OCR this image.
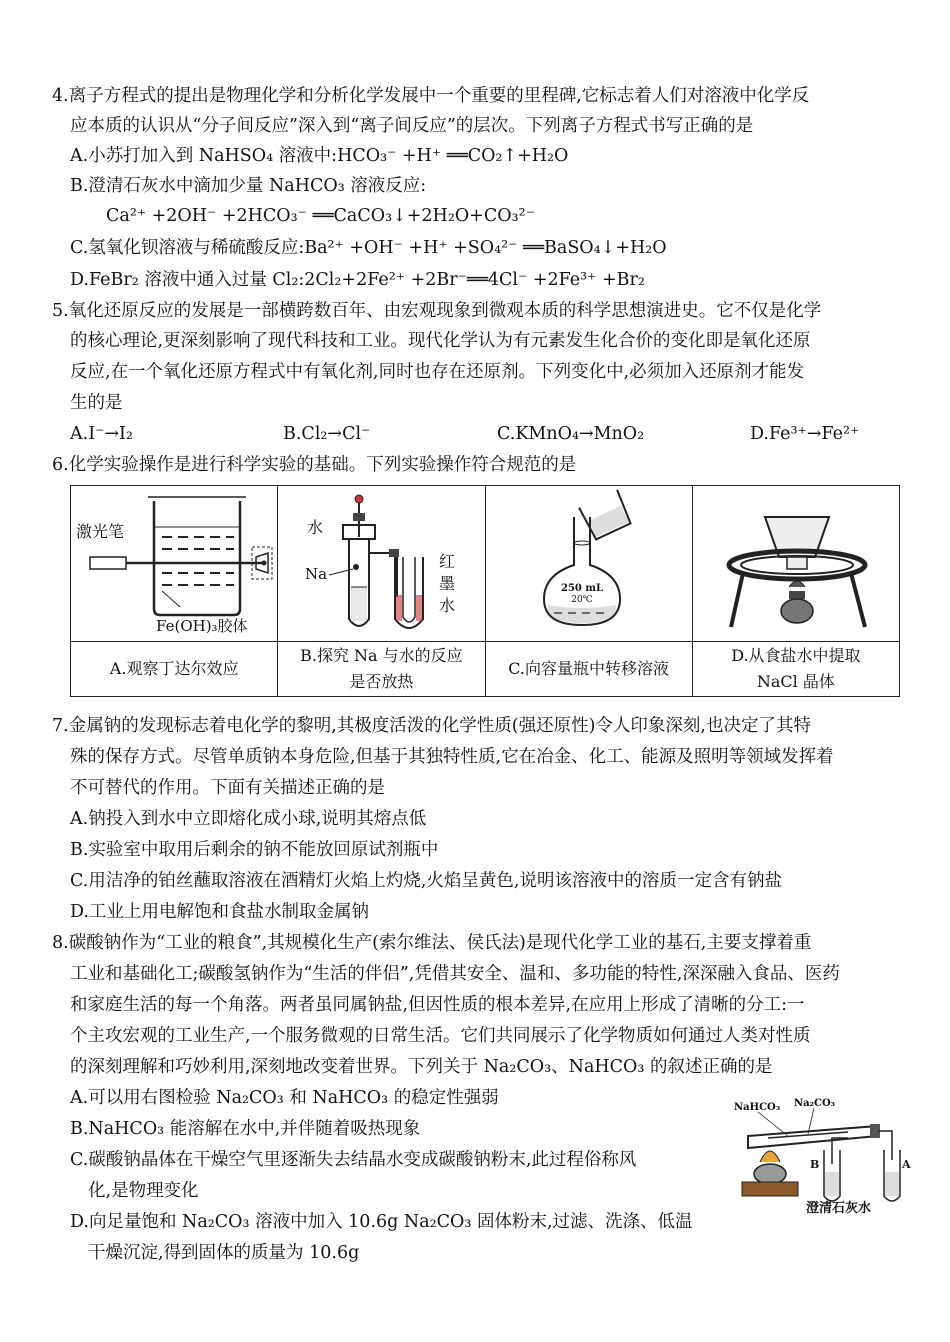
4.离子方程式的提出是物理化学和分析化学发展中一个重要的里程碑,它标志着人们对溶液中化学反
应本质的认识从“分子间反应”深入到“离子间反应”的层次。下列离子方程式书写正确的是
A.小苏打加入到 NaHSO₄ 溶液中:HCO₃⁻ +H⁺ ══CO₂↑+H₂O
B.澄清石灰水中滴加少量 NaHCO₃ 溶液反应:
Ca²⁺ +2OH⁻ +2HCO₃⁻ ══CaCO₃↓+2H₂O+CO₃²⁻
C.氢氧化钡溶液与稀硫酸反应:Ba²⁺ +OH⁻ +H⁺ +SO₄²⁻ ══BaSO₄↓+H₂O
D.FeBr₂ 溶液中通入过量 Cl₂:2Cl₂+2Fe²⁺ +2Br⁻══4Cl⁻ +2Fe³⁺ +Br₂
5.氧化还原反应的发展是一部横跨数百年、由宏观现象到微观本质的科学思想演进史。它不仅是化学
的核心理论,更深刻影响了现代科技和工业。现代化学认为有元素发生化合价的变化即是氧化还原
反应,在一个氧化还原方程式中有氧化剂,同时也存在还原剂。下列变化中,必须加入还原剂才能发
生的是
A.I⁻→I₂	B.Cl₂→Cl⁻	C.KMnO₄→MnO₂	D.Fe³⁺→Fe²⁺
6.化学实验操作是进行科学实验的基础。下列实验操作符合规范的是
激光笔
Fe(OH)₃胶体	水
Na
红
墨
水	250 mL
20℃

A.观察丁达尔效应	B.探究 Na 与水的反应
是否放热	C.向容量瓶中转移溶液	D.从食盐水中提取
NaCl 晶体
7.金属钠的发现标志着电化学的黎明,其极度活泼的化学性质(强还原性)令人印象深刻,也决定了其特
殊的保存方式。尽管单质钠本身危险,但基于其独特性质,它在冶金、化工、能源及照明等领域发挥着
不可替代的作用。下面有关描述正确的是
A.钠投入到水中立即熔化成小球,说明其熔点低
B.实验室中取用后剩余的钠不能放回原试剂瓶中
C.用洁净的铂丝蘸取溶液在酒精灯火焰上灼烧,火焰呈黄色,说明该溶液中的溶质一定含有钠盐
D.工业上用电解饱和食盐水制取金属钠
8.碳酸钠作为“工业的粮食”,其规模化生产(索尔维法、侯氏法)是现代化学工业的基石,主要支撑着重
工业和基础化工;碳酸氢钠作为“生活的伴侣”,凭借其安全、温和、多功能的特性,深深融入食品、医药
和家庭生活的每一个角落。两者虽同属钠盐,但因性质的根本差异,在应用上形成了清晰的分工:一
个主攻宏观的工业生产,一个服务微观的日常生活。它们共同展示了化学物质如何通过人类对性质
的深刻理解和巧妙利用,深刻地改变着世界。下列关于 Na₂CO₃、NaHCO₃ 的叙述正确的是
A.可以用右图检验 Na₂CO₃ 和 NaHCO₃ 的稳定性强弱
B.NaHCO₃ 能溶解在水中,并伴随着吸热现象
C.碳酸钠晶体在干燥空气里逐渐失去结晶水变成碳酸钠粉末,此过程俗称风
化,是物理变化
D.向足量饱和 Na₂CO₃ 溶液中加入 10.6g Na₂CO₃ 固体粉末,过滤、洗涤、低温
干燥沉淀,得到固体的质量为 10.6g
NaHCO₃ Na₂CO₃
B	A
澄清石灰水
